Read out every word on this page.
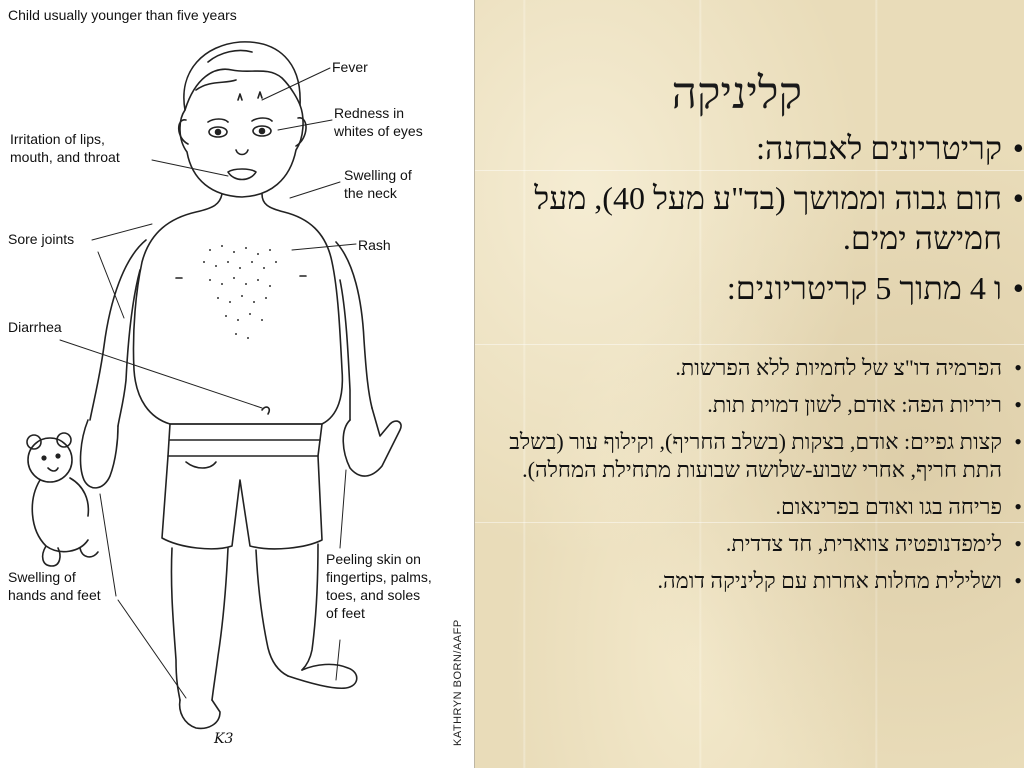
Child usually younger than five years
Fever
Redness in
whites of eyes
Irritation of lips,
mouth, and throat
Swelling of
the neck
Sore joints	Rash
Diarrhea
Swelling of
hands and feet
Peeling skin on
fingertips, palms,
toes, and soles
of feet
K3	KATHRYN BORN/AAFP
קליניקה
• קריטריונים לאבחנה:
• חום גבוה וממושך (בד"ע מעל 40), מעל חמישה ימים.
• ו 4 מתוך 5 קריטריונים:
• הפרמיה דו"צ של לחמיות ללא הפרשות.
• ריריות הפה: אודם, לשון דמוית תות.
• קצות גפיים: אודם, בצקות (בשלב החריף), וקילוף עור (בשלב התת חריף, אחרי שבוע-שלושה שבועות מתחילת המחלה).
• פריחה בגו ואודם בפרינאום.
• לימפדנופטיה צווארית, חד צדדית.
• ושלילית מחלות אחרות עם קליניקה דומה.
